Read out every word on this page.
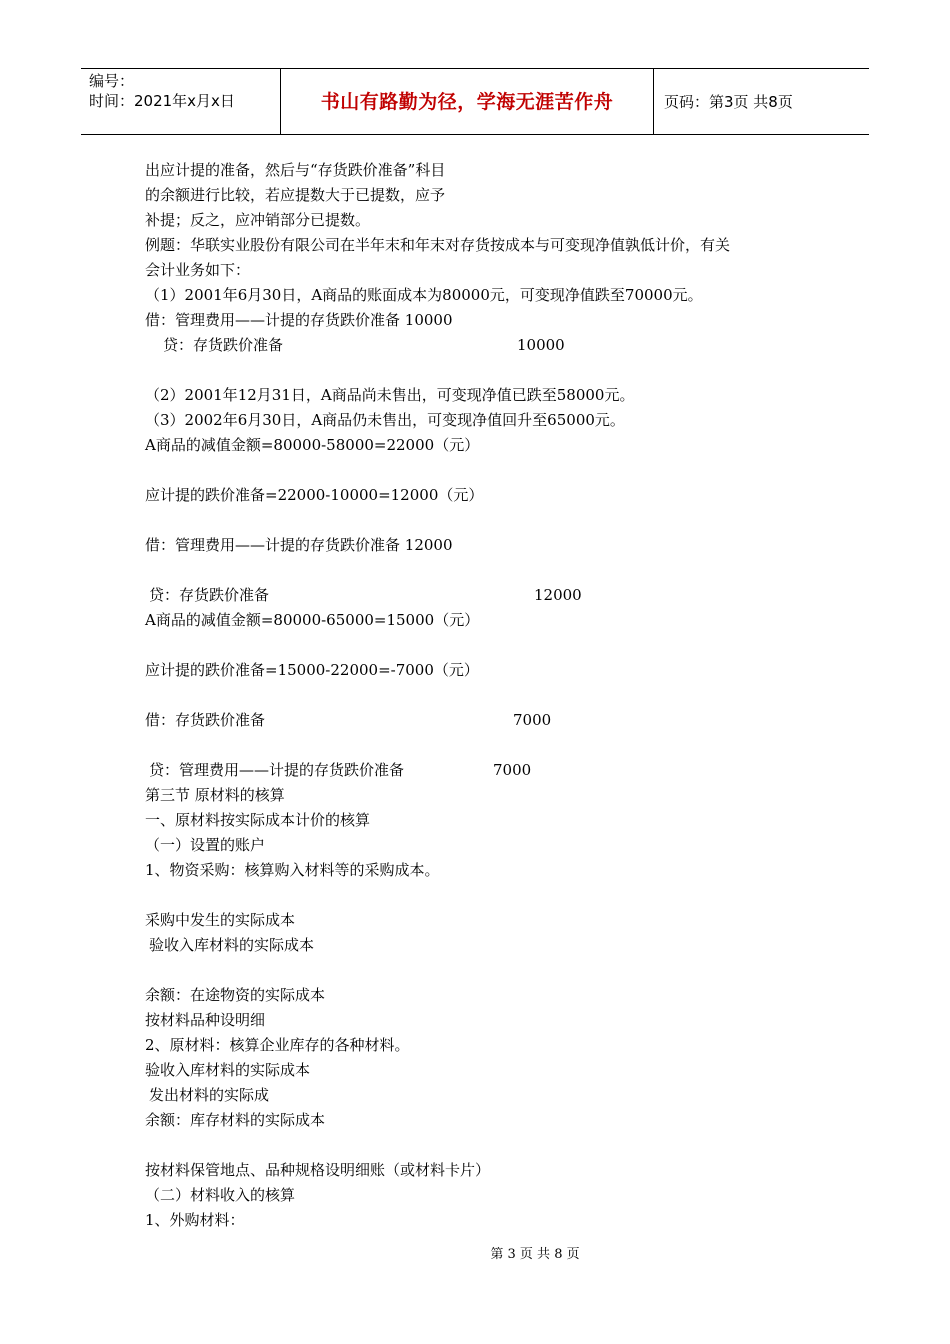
编号：
时间：2021年x月x日	书山有路勤为径，学海无涯苦作舟	页码：第3页 共8页
出应计提的准备，然后与“存货跌价准备”科目
的余额进行比较，若应提数大于已提数，应予
补提；反之，应冲销部分已提数。
例题：华联实业股份有限公司在半年末和年末对存货按成本与可变现净值孰低计价，有关
会计业务如下：
（1）2001年6月30日，A商品的账面成本为80000元，可变现净值跌至70000元。
借：管理费用——计提的存货跌价准备 10000
贷：存货跌价准备	10000
（2）2001年12月31日，A商品尚未售出，可变现净值已跌至58000元。
（3）2002年6月30日，A商品仍未售出，可变现净值回升至65000元。
A商品的减值金额=80000-58000=22000（元）
应计提的跌价准备=22000-10000=12000（元）
借：管理费用——计提的存货跌价准备 12000
贷：存货跌价准备	12000
A商品的减值金额=80000-65000=15000（元）
应计提的跌价准备=15000-22000=-7000（元）
借：存货跌价准备	7000
贷：管理费用——计提的存货跌价准备	7000
第三节 原材料的核算
一、原材料按实际成本计价的核算
（一）设置的账户
1、物资采购：核算购入材料等的采购成本。
采购中发生的实际成本
验收入库材料的实际成本
余额：在途物资的实际成本
按材料品种设明细
2、原材料：核算企业库存的各种材料。
验收入库材料的实际成本
发出材料的实际成
余额：库存材料的实际成本
按材料保管地点、品种规格设明细账（或材料卡片）
（二）材料收入的核算
1、外购材料：
第 3 页 共 8 页
